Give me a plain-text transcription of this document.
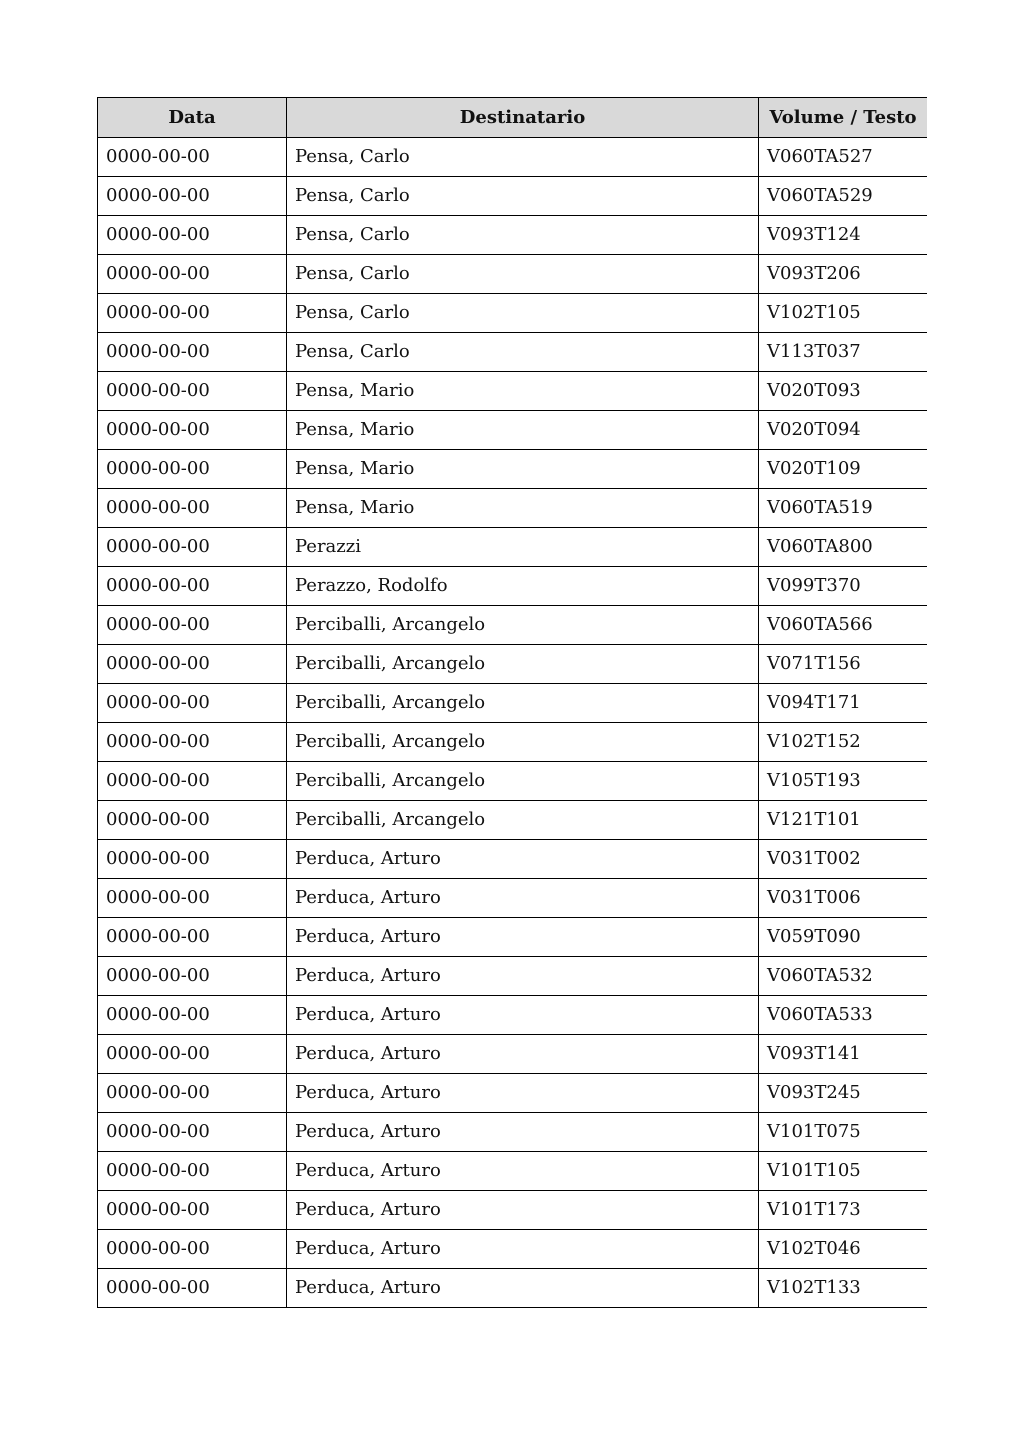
Data	Destinatario	Volume / Testo
0000-00-00	Pensa, Carlo	V060TA527
0000-00-00	Pensa, Carlo	V060TA529
0000-00-00	Pensa, Carlo	V093T124
0000-00-00	Pensa, Carlo	V093T206
0000-00-00	Pensa, Carlo	V102T105
0000-00-00	Pensa, Carlo	V113T037
0000-00-00	Pensa, Mario	V020T093
0000-00-00	Pensa, Mario	V020T094
0000-00-00	Pensa, Mario	V020T109
0000-00-00	Pensa, Mario	V060TA519
0000-00-00	Perazzi	V060TA800
0000-00-00	Perazzo, Rodolfo	V099T370
0000-00-00	Perciballi, Arcangelo	V060TA566
0000-00-00	Perciballi, Arcangelo	V071T156
0000-00-00	Perciballi, Arcangelo	V094T171
0000-00-00	Perciballi, Arcangelo	V102T152
0000-00-00	Perciballi, Arcangelo	V105T193
0000-00-00	Perciballi, Arcangelo	V121T101
0000-00-00	Perduca, Arturo	V031T002
0000-00-00	Perduca, Arturo	V031T006
0000-00-00	Perduca, Arturo	V059T090
0000-00-00	Perduca, Arturo	V060TA532
0000-00-00	Perduca, Arturo	V060TA533
0000-00-00	Perduca, Arturo	V093T141
0000-00-00	Perduca, Arturo	V093T245
0000-00-00	Perduca, Arturo	V101T075
0000-00-00	Perduca, Arturo	V101T105
0000-00-00	Perduca, Arturo	V101T173
0000-00-00	Perduca, Arturo	V102T046
0000-00-00	Perduca, Arturo	V102T133
